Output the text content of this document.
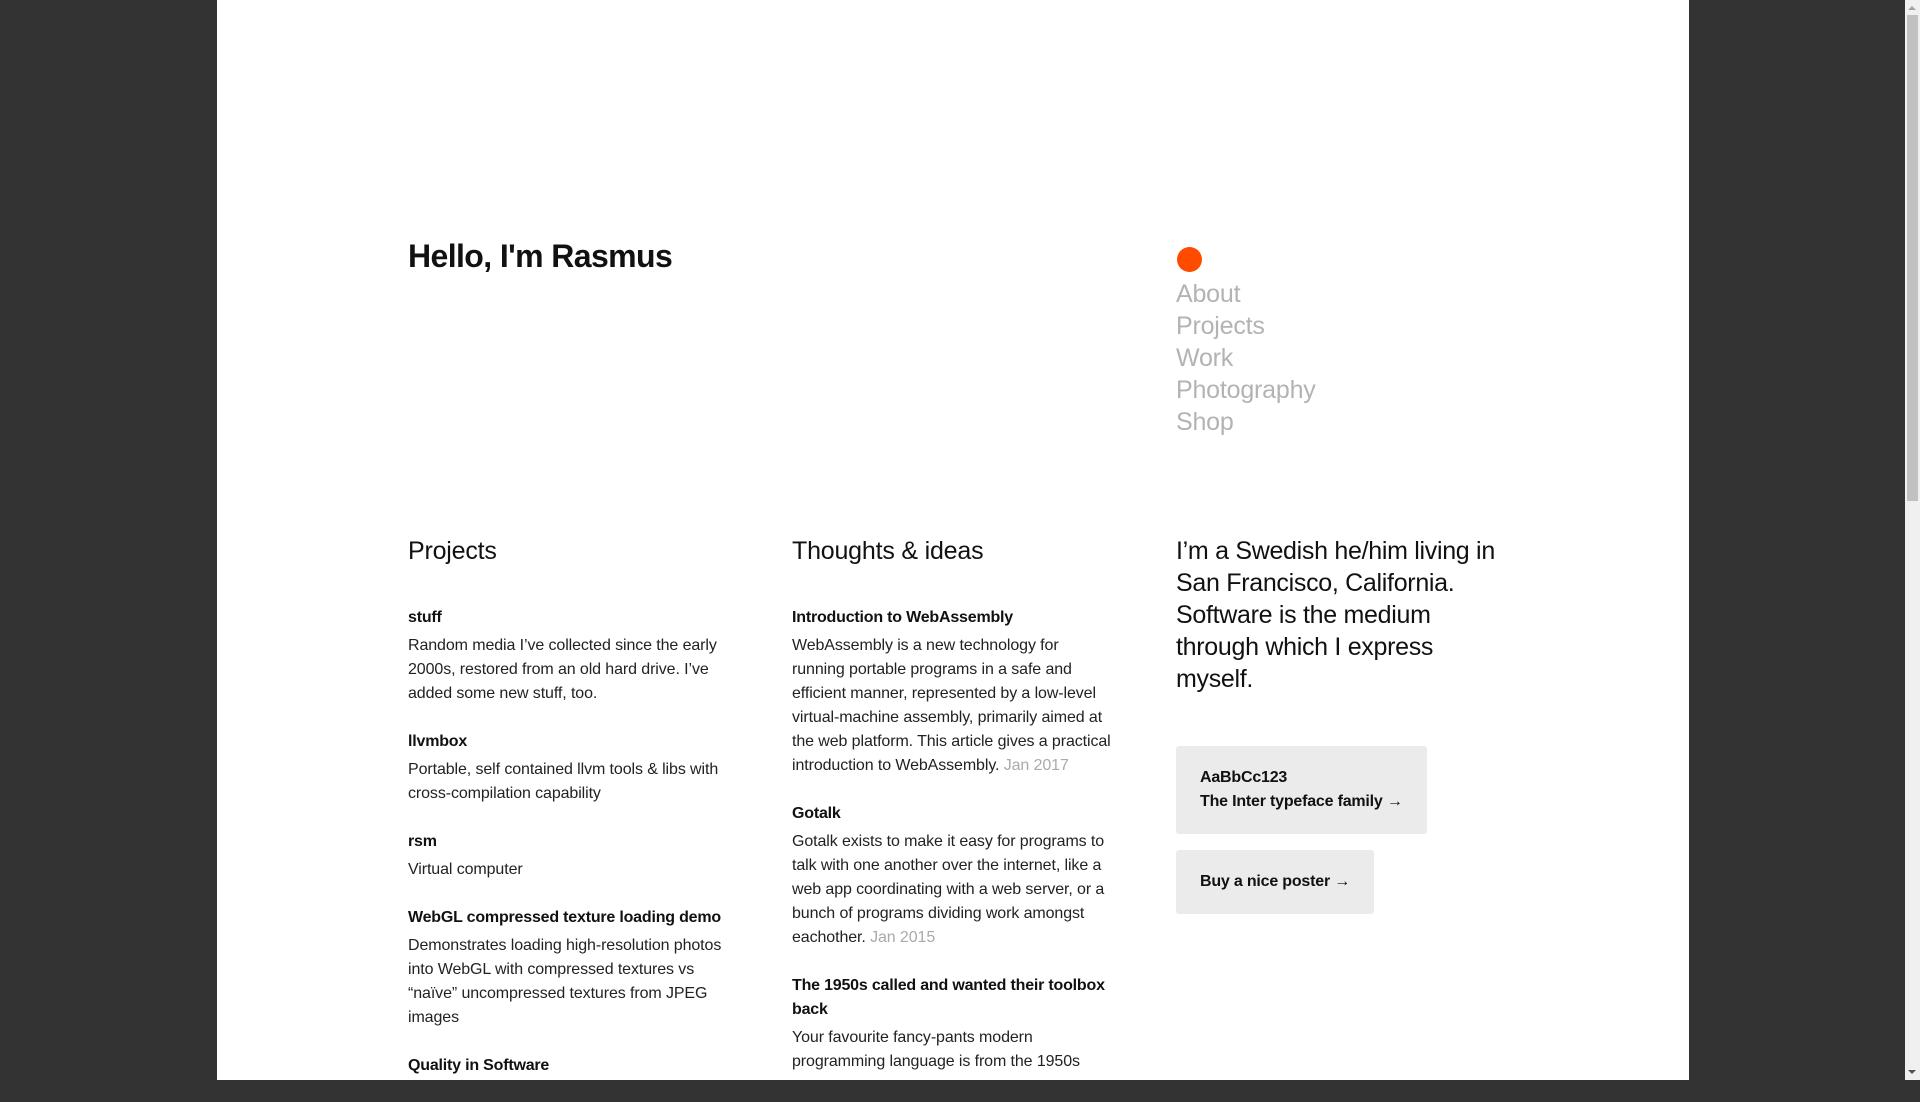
Hello, I'm Rasmus
About
Projects
Work
Photography
Shop
Projects
stuff
Random media I’ve collected since the early 2000s, restored from an old hard drive. I’ve added some new stuff, too.
llvmbox
Portable, self contained llvm tools & libs with cross-compilation capability
rsm
Virtual computer
WebGL compressed texture loading demo
Demonstrates loading high-resolution photos into WebGL with compressed textures vs “naïve” uncompressed textures from JPEG images
Quality in Software
Thoughts & ideas
Introduction to WebAssembly
WebAssembly is a new technology for running portable programs in a safe and efficient manner, represented by a low-level virtual-machine assembly, primarily aimed at the web platform. This article gives a practical introduction to WebAssembly. Jan 2017
Gotalk
Gotalk exists to make it easy for programs to talk with one another over the internet, like a web app coordinating with a web server, or a bunch of programs dividing work amongst eachother. Jan 2015
The 1950s called and wanted their toolbox back
Your favourite fancy-pants modern programming language is from the 1950s

I’m a Swedish he/him living in San Francisco, California. Software is the medium through which I express myself.

AaBbCc123
The Inter typeface family →
Buy a nice poster →
